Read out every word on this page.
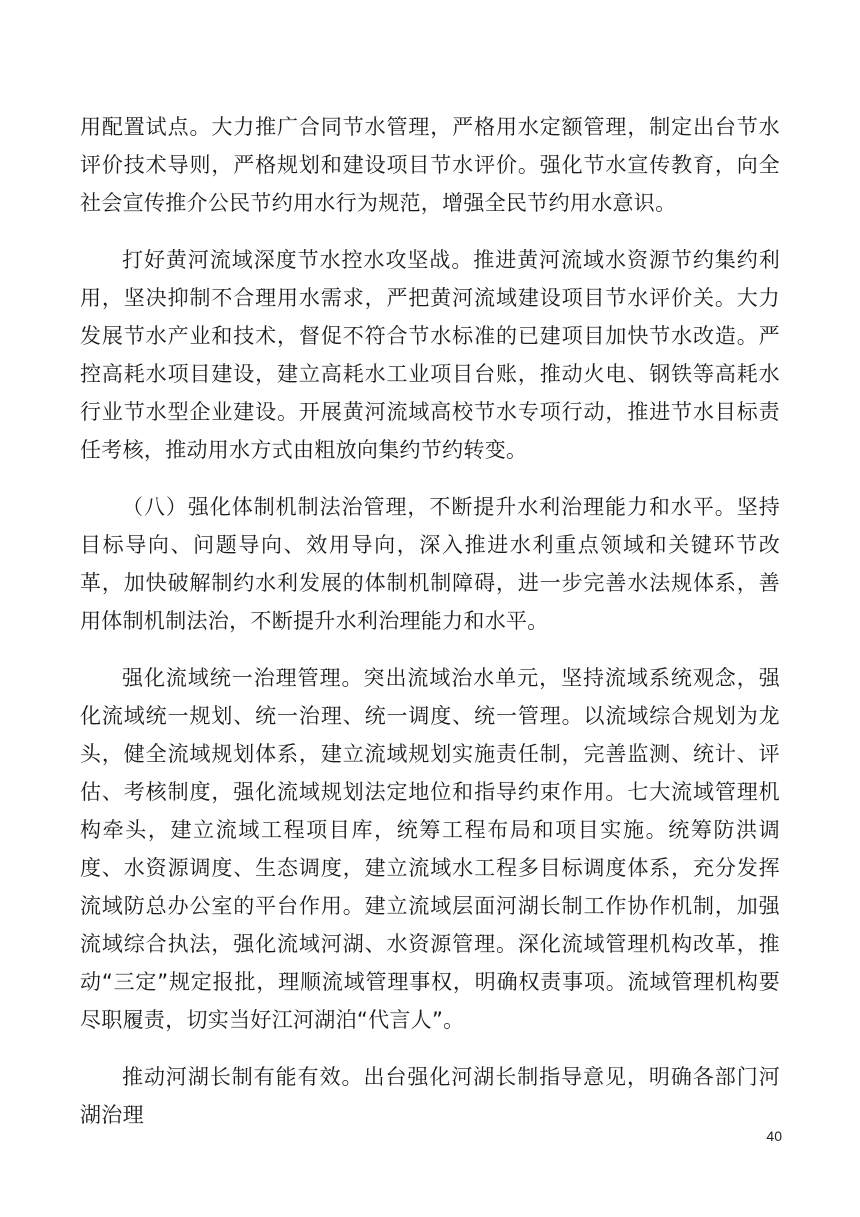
用配置试点。大力推广合同节水管理，严格用水定额管理，制定出台节水评价技术导则，严格规划和建设项目节水评价。强化节水宣传教育，向全社会宣传推介公民节约用水行为规范，增强全民节约用水意识。

打好黄河流域深度节水控水攻坚战。推进黄河流域水资源节约集约利用，坚决抑制不合理用水需求，严把黄河流域建设项目节水评价关。大力发展节水产业和技术，督促不符合节水标准的已建项目加快节水改造。严控高耗水项目建设，建立高耗水工业项目台账，推动火电、钢铁等高耗水行业节水型企业建设。开展黄河流域高校节水专项行动，推进节水目标责任考核，推动用水方式由粗放向集约节约转变。

（八）强化体制机制法治管理，不断提升水利治理能力和水平。坚持目标导向、问题导向、效用导向，深入推进水利重点领域和关键环节改革，加快破解制约水利发展的体制机制障碍，进一步完善水法规体系，善用体制机制法治，不断提升水利治理能力和水平。

强化流域统一治理管理。突出流域治水单元，坚持流域系统观念，强化流域统一规划、统一治理、统一调度、统一管理。以流域综合规划为龙头，健全流域规划体系，建立流域规划实施责任制，完善监测、统计、评估、考核制度，强化流域规划法定地位和指导约束作用。七大流域管理机构牵头，建立流域工程项目库，统筹工程布局和项目实施。统筹防洪调度、水资源调度、生态调度，建立流域水工程多目标调度体系，充分发挥流域防总办公室的平台作用。建立流域层面河湖长制工作协作机制，加强流域综合执法，强化流域河湖、水资源管理。深化流域管理机构改革，推动“三定”规定报批，理顺流域管理事权，明确权责事项。流域管理机构要尽职履责，切实当好江河湖泊“代言人”。

推动河湖长制有能有效。出台强化河湖长制指导意见，明确各部门河湖治理

40
